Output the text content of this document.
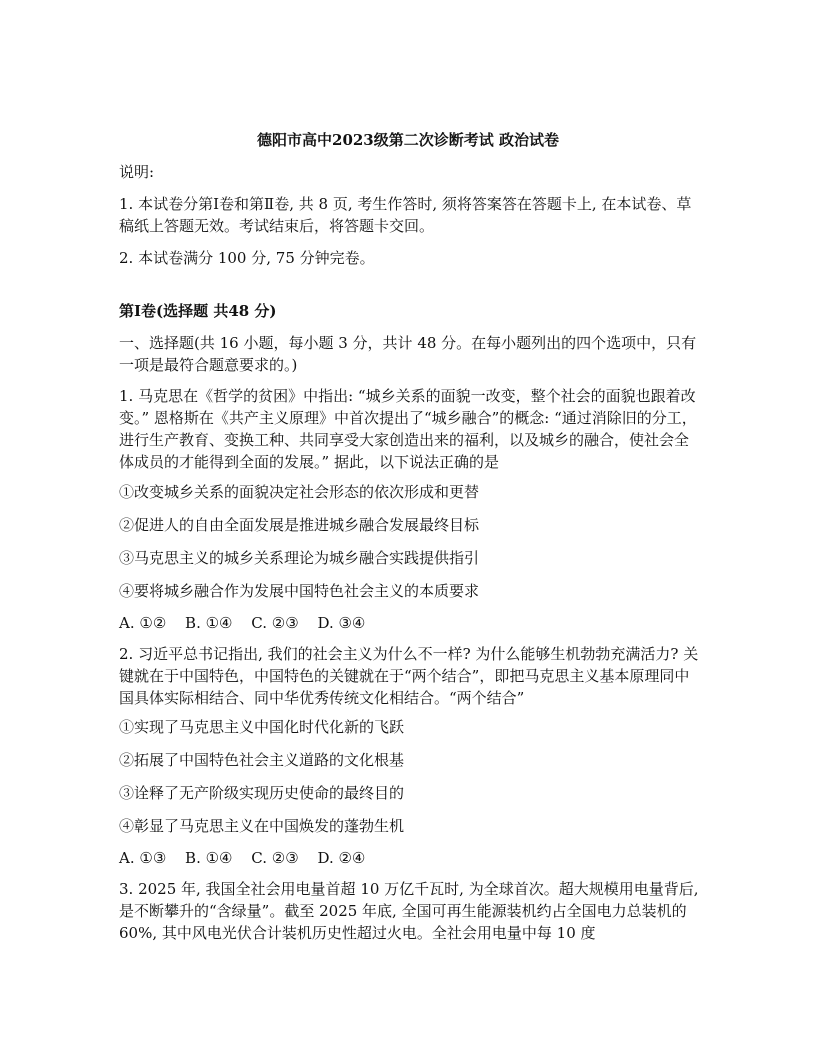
德阳市高中2023级第二次诊断考试 政治试卷
说明:
1. 本试卷分第Ⅰ卷和第Ⅱ卷, 共 8 页, 考生作答时, 须将答案答在答题卡上, 在本试卷、草稿纸上答题无效。考试结束后，将答题卡交回。
2. 本试卷满分 100 分, 75 分钟完卷。
第Ⅰ卷(选择题 共48 分)
一、选择题(共 16 小题，每小题 3 分，共计 48 分。在每小题列出的四个选项中，只有一项是最符合题意要求的。)
1. 马克思在《哲学的贫困》中指出: “城乡关系的面貌一改变，整个社会的面貌也跟着改变。” 恩格斯在《共产主义原理》中首次提出了“城乡融合”的概念: “通过消除旧的分工，进行生产教育、变换工种、共同享受大家创造出来的福利，以及城乡的融合，使社会全体成员的才能得到全面的发展。” 据此，以下说法正确的是
①改变城乡关系的面貌决定社会形态的依次形成和更替
②促进人的自由全面发展是推进城乡融合发展最终目标
③马克思主义的城乡关系理论为城乡融合实践提供指引
④要将城乡融合作为发展中国特色社会主义的本质要求
A. ①② B. ①④ C. ②③ D. ③④
2. 习近平总书记指出, 我们的社会主义为什么不一样? 为什么能够生机勃勃充满活力? 关键就在于中国特色，中国特色的关键就在于“两个结合”，即把马克思主义基本原理同中国具体实际相结合、同中华优秀传统文化相结合。“两个结合”
①实现了马克思主义中国化时代化新的飞跃
②拓展了中国特色社会主义道路的文化根基
③诠释了无产阶级实现历史使命的最终目的
④彰显了马克思主义在中国焕发的蓬勃生机
A. ①③ B. ①④ C. ②③ D. ②④
3. 2025 年, 我国全社会用电量首超 10 万亿千瓦时, 为全球首次。超大规模用电量背后, 是不断攀升的“含绿量”。截至 2025 年底, 全国可再生能源装机约占全国电力总装机的 60%, 其中风电光伏合计装机历史性超过火电。全社会用电量中每 10 度
